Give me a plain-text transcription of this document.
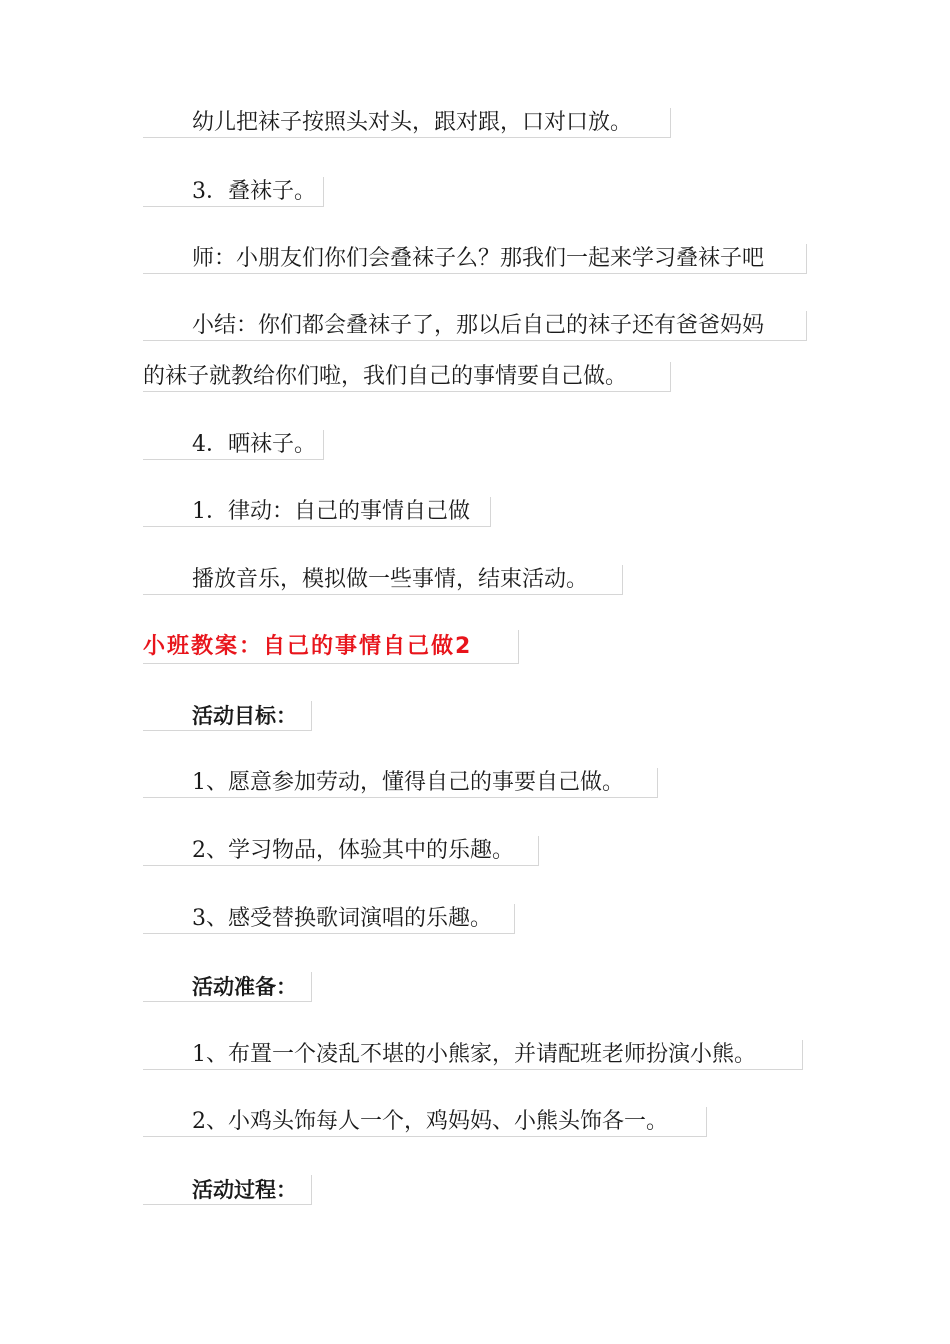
幼儿把袜子按照头对头，跟对跟，口对口放。
3．叠袜子。
师：小朋友们你们会叠袜子么？那我们一起来学习叠袜子吧
小结：你们都会叠袜子了，那以后自己的袜子还有爸爸妈妈
的袜子就教给你们啦，我们自己的事情要自己做。
4．晒袜子。
1．律动：自己的事情自己做
播放音乐，模拟做一些事情，结束活动。
小班教案：自己的事情自己做2
活动目标：
1、愿意参加劳动，懂得自己的事要自己做。
2、学习物品，体验其中的乐趣。
3、感受替换歌词演唱的乐趣。
活动准备：
1、布置一个凌乱不堪的小熊家，并请配班老师扮演小熊。
2、小鸡头饰每人一个，鸡妈妈、小熊头饰各一。
活动过程：
